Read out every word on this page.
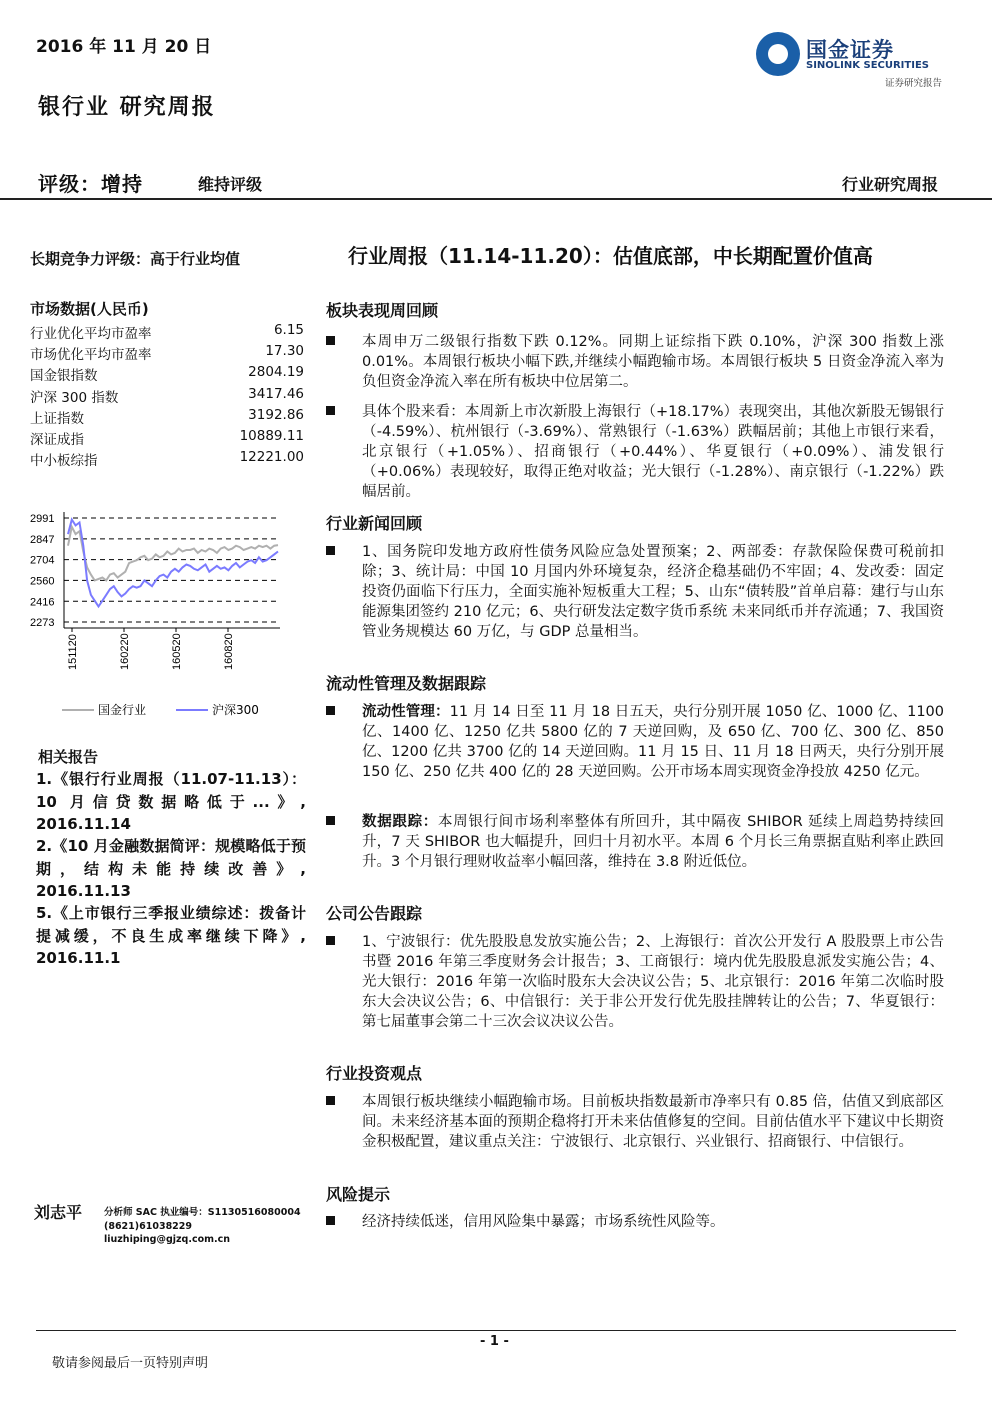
2016 年 11 月 20 日
银行业 研究周报
国金证券
SINOLINK SECURITIES
证券研究报告
评级：增持	维持评级	行业研究周报
长期竞争力评级：高于行业均值
市场数据(人民币)
行业优化平均市盈率	6.15
市场优化平均市盈率	17.30
国金银指数	2804.19
沪深 300 指数	3417.46
上证指数	3192.86
深证成指	10889.11
中小板综指	12221.00
2991
2847
2704
2560
2416
2273
151120	160220	160520	160820
国金行业	沪深300
相关报告
1.《银行行业周报（11.07-11.13）：10 月信贷数据略低于...》, 2016.11.14
2.《10 月金融数据简评：规模略低于预期，结构未能持续改善》, 2016.11.13
5.《上市银行三季报业绩综述：拨备计提减缓，不良生成率继续下降》, 2016.11.1
刘志平 分析师 SAC 执业编号：S1130516080004
(8621)61038229
liuzhiping@gjzq.com.cn
行业周报（11.14-11.20）：估值底部，中长期配置价值高
板块表现周回顾
本周申万二级银行指数下跌 0.12%。同期上证综指下跌 0.10%，沪深 300 指数上涨 0.01%。本周银行板块小幅下跌,并继续小幅跑输市场。本周银行板块 5 日资金净流入率为负但资金净流入率在所有板块中位居第二。
具体个股来看：本周新上市次新股上海银行（+18.17%）表现突出，其他次新股无锡银行（-4.59%）、杭州银行（-3.69%）、常熟银行（-1.63%）跌幅居前；其他上市银行来看，北京银行（+1.05%）、招商银行（+0.44%）、华夏银行（+0.09%）、浦发银行（+0.06%）表现较好，取得正绝对收益；光大银行（-1.28%）、南京银行（-1.22%）跌幅居前。
行业新闻回顾
1、国务院印发地方政府性债务风险应急处置预案；2、两部委：存款保险保费可税前扣除；3、统计局：中国 10 月国内外环境复杂，经济企稳基础仍不牢固；4、发改委：固定投资仍面临下行压力，全面实施补短板重大工程；5、山东“债转股”首单启幕：建行与山东能源集团签约 210 亿元；6、央行研发法定数字货币系统 未来同纸币并存流通；7、我国资管业务规模达 60 万亿，与 GDP 总量相当。
流动性管理及数据跟踪
流动性管理：11 月 14 日至 11 月 18 日五天，央行分别开展 1050 亿、1000 亿、1100 亿、1400 亿、1250 亿共 5800 亿的 7 天逆回购，及 650 亿、700 亿、300 亿、850 亿、1200 亿共 3700 亿的 14 天逆回购。11 月 15 日、11 月 18 日两天，央行分别开展 150 亿、250 亿共 400 亿的 28 天逆回购。公开市场本周实现资金净投放 4250 亿元。
数据跟踪：本周银行间市场利率整体有所回升，其中隔夜 SHIBOR 延续上周趋势持续回升，7 天 SHIBOR 也大幅提升，回归十月初水平。本周 6 个月长三角票据直贴利率止跌回升。3 个月银行理财收益率小幅回落，维持在 3.8 附近低位。
公司公告跟踪
1、宁波银行：优先股股息发放实施公告；2、上海银行：首次公开发行 A 股股票上市公告书暨 2016 年第三季度财务会计报告；3、工商银行：境内优先股股息派发实施公告；4、光大银行：2016 年第一次临时股东大会决议公告；5、北京银行：2016 年第二次临时股东大会决议公告；6、中信银行：关于非公开发行优先股挂牌转让的公告；7、华夏银行：第七届董事会第二十三次会议决议公告。
行业投资观点
本周银行板块继续小幅跑输市场。目前板块指数最新市净率只有 0.85 倍，估值又到底部区间。未来经济基本面的预期企稳将打开未来估值修复的空间。目前估值水平下建议中长期资金积极配置，建议重点关注：宁波银行、北京银行、兴业银行、招商银行、中信银行。
风险提示
经济持续低迷，信用风险集中暴露；市场系统性风险等。
- 1 -
敬请参阅最后一页特别声明
